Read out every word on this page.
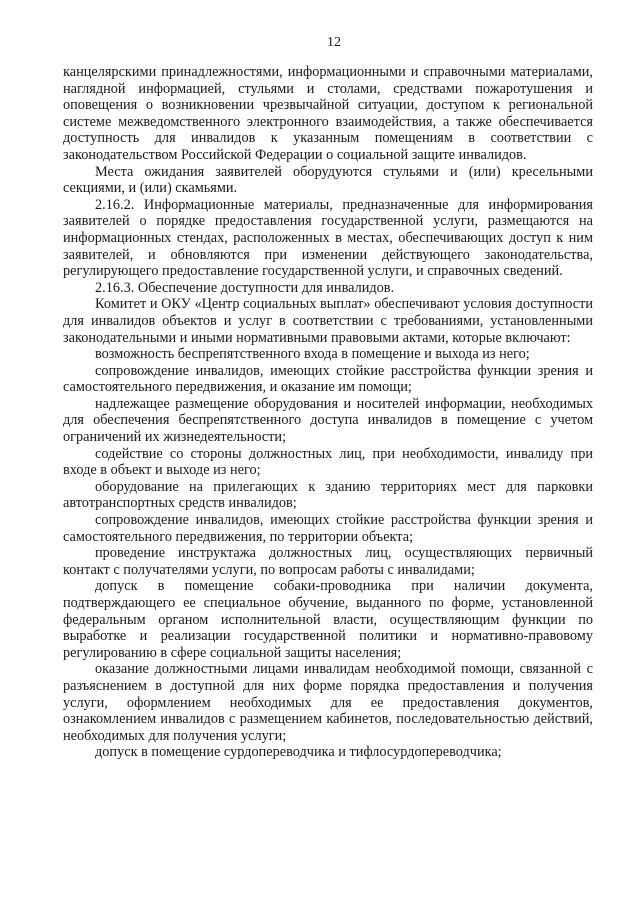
12

канцелярскими принадлежностями, информационными и справочными материалами, наглядной информацией, стульями и столами, средствами пожаротушения и оповещения о возникновении чрезвычайной ситуации, доступом к региональной системе межведомственного электронного взаимодействия, а также обеспечивается доступность для инвалидов к указанным помещениям в соответствии с законодательством Российской Федерации о социальной защите инвалидов.

Места ожидания заявителей оборудуются стульями и (или) кресельными секциями, и (или) скамьями.

2.16.2. Информационные материалы, предназначенные для информирования заявителей о порядке предоставления государственной услуги, размещаются на информационных стендах, расположенных в местах, обеспечивающих доступ к ним заявителей, и обновляются при изменении действующего законодательства, регулирующего предоставление государственной услуги, и справочных сведений.

2.16.3. Обеспечение доступности для инвалидов.

Комитет и ОКУ «Центр социальных выплат» обеспечивают условия доступности для инвалидов объектов и услуг в соответствии с требованиями, установленными законодательными и иными нормативными правовыми актами, которые включают:

возможность беспрепятственного входа в помещение и выхода из него;

сопровождение инвалидов, имеющих стойкие расстройства функции зрения и самостоятельного передвижения, и оказание им помощи;

надлежащее размещение оборудования и носителей информации, необходимых для обеспечения беспрепятственного доступа инвалидов в помещение с учетом ограничений их жизнедеятельности;

содействие со стороны должностных лиц, при необходимости, инвалиду при входе в объект и выходе из него;

оборудование на прилегающих к зданию территориях мест для парковки автотранспортных средств инвалидов;

сопровождение инвалидов, имеющих стойкие расстройства функции зрения и самостоятельного передвижения, по территории объекта;

проведение инструктажа должностных лиц, осуществляющих первичный контакт с получателями услуги, по вопросам работы с инвалидами;

допуск в помещение собаки-проводника при наличии документа, подтверждающего ее специальное обучение, выданного по форме, установленной федеральным органом исполнительной власти, осуществляющим функции по выработке и реализации государственной политики и нормативно-правовому регулированию в сфере социальной защиты населения;

оказание должностными лицами инвалидам необходимой помощи, связанной с разъяснением в доступной для них форме порядка предоставления и получения услуги, оформлением необходимых для ее предоставления документов, ознакомлением инвалидов с размещением кабинетов, последовательностью действий, необходимых для получения услуги;

допуск в помещение сурдопереводчика и тифлосурдопереводчика;
